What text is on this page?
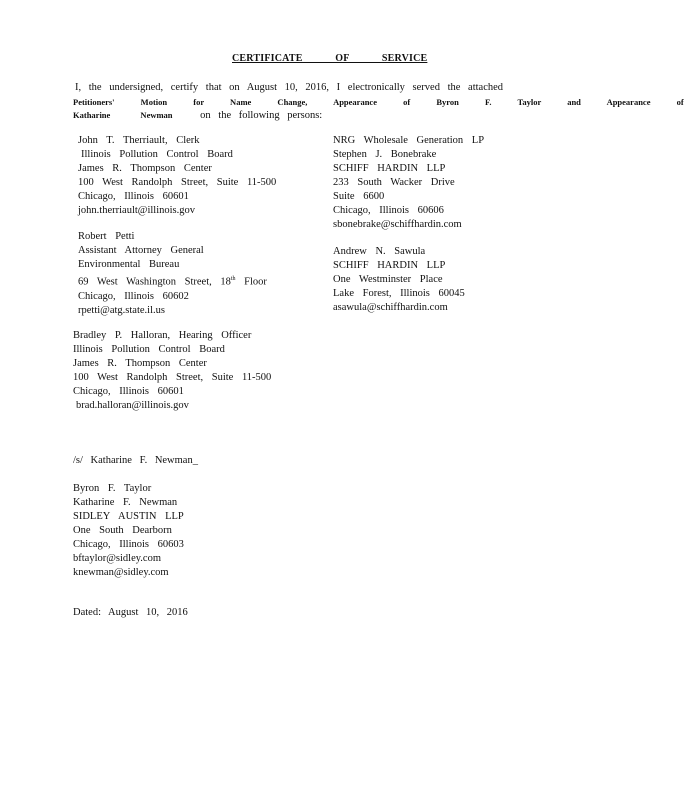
CERTIFICATE OF SERVICE
I, the undersigned, certify that on August 10, 2016, I electronically served the attached
Petitioners' Motion for Name Change, Appearance of Byron F. Taylor and Appearance of
Katharine Newman	on the following persons:
John T. Therriault, Clerk
Illinois Pollution Control Board
James R. Thompson Center
100 West Randolph Street, Suite 11-500
Chicago, Illinois 60601
john.therriault@illinois.gov
Robert Petti
Assistant Attorney General
Environmental Bureau
69 West Washington Street, 18th Floor
Chicago, Illinois 60602
rpetti@atg.state.il.us
Bradley P. Halloran, Hearing Officer
Illinois Pollution Control Board
James R. Thompson Center
100 West Randolph Street, Suite 11-500
Chicago, Illinois 60601
brad.halloran@illinois.gov
NRG Wholesale Generation LP
Stephen J. Bonebrake
SCHIFF HARDIN LLP
233 South Wacker Drive
Suite 6600
Chicago, Illinois 60606
sbonebrake@schiffhardin.com
Andrew N. Sawula
SCHIFF HARDIN LLP
One Westminster Place
Lake Forest, Illinois 60045
asawula@schiffhardin.com
/s/ Katharine F. Newman_
Byron F. Taylor
Katharine F. Newman
SIDLEY AUSTIN LLP
One South Dearborn
Chicago, Illinois 60603
bftaylor@sidley.com
knewman@sidley.com
Dated: August 10, 2016
